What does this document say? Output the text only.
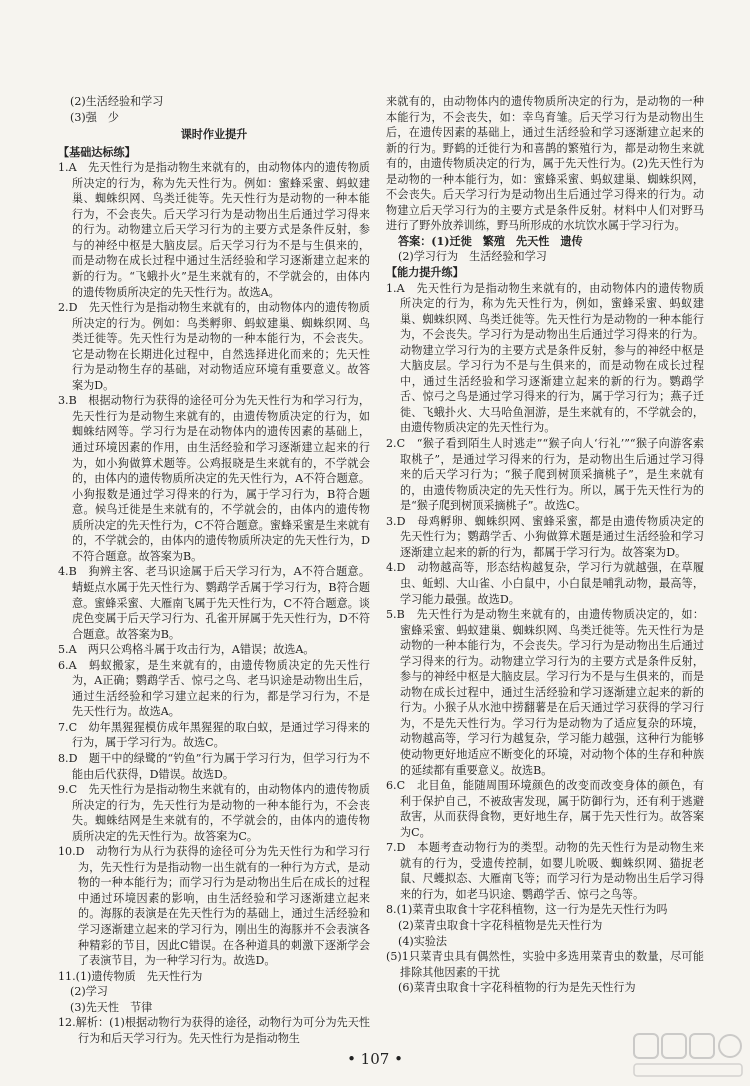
(2)生活经验和学习

(3)强　少

课时作业提升

【基础达标练】

1.A　先天性行为是指动物生来就有的，由动物体内的遗传物质所决定的行为，称为先天性行为。例如：蜜蜂采蜜、蚂蚁建巢、蜘蛛织网、鸟类迁徙等。先天性行为是动物的一种本能行为，不会丧失。后天学习行为是动物出生后通过学习得来的行为。动物建立后天学习行为的主要方式是条件反射，参与的神经中枢是大脑皮层。后天学习行为不是与生俱来的，而是动物在成长过程中通过生活经验和学习逐渐建立起来的新的行为。“飞蛾扑火”是生来就有的，不学就会的，由体内的遗传物质所决定的先天性行为。故选A。

2.D　先天性行为是指动物生来就有的，由动物体内的遗传物质所决定的行为。例如：鸟类孵卵、蚂蚁建巢、蜘蛛织网、鸟类迁徙等。先天性行为是动物的一种本能行为，不会丧失。它是动物在长期进化过程中，自然选择进化而来的；先天性行为是动物生存的基础，对动物适应环境有重要意义。故答案为D。

3.B　根据动物行为获得的途径可分为先天性行为和学习行为，先天性行为是动物生来就有的，由遗传物质决定的行为，如蜘蛛结网等。学习行为是在动物体内的遗传因素的基础上，通过环境因素的作用，由生活经验和学习逐渐建立起来的行为，如小狗做算术题等。公鸡报晓是生来就有的，不学就会的，由体内的遗传物质所决定的先天性行为，A不符合题意。小狗报数是通过学习得来的行为，属于学习行为，B符合题意。候鸟迁徙是生来就有的，不学就会的，由体内的遗传物质所决定的先天性行为，C不符合题意。蜜蜂采蜜是生来就有的，不学就会的，由体内的遗传物质所决定的先天性行为，D不符合题意。故答案为B。

4.B　狗辨主客、老马识途属于后天学习行为，A不符合题意。蜻蜓点水属于先天性行为、鹦鹉学舌属于学习行为，B符合题意。蜜蜂采蜜、大雁南飞属于先天性行为，C不符合题意。谈虎色变属于后天学习行为、孔雀开屏属于先天性行为，D不符合题意。故答案为B。

5.A　两只公鸡格斗属于攻击行为，A错误；故选A。

6.A　蚂蚁搬家，是生来就有的，由遗传物质决定的先天性行为，A正确；鹦鹉学舌、惊弓之鸟、老马识途是动物出生后，通过生活经验和学习建立起来的行为，都是学习行为，不是先天性行为。故选A。

7.C　幼年黑猩猩模仿成年黑猩猩的取白蚁，是通过学习得来的行为，属于学习行为。故选C。

8.D　题干中的绿鹭的“钓鱼”行为属于学习行为，但学习行为不能由后代获得，D错误。故选D。

9.C　先天性行为是指动物生来就有的，由动物体内的遗传物质所决定的行为，先天性行为是动物的一种本能行为，不会丧失。蜘蛛结网是生来就有的，不学就会的，由体内的遗传物质所决定的先天性行为。故答案为C。

10.D　动物行为从行为获得的途径可分为先天性行为和学习行为，先天性行为是指动物一出生就有的一种行为方式，是动物的一种本能行为；而学习行为是动物出生后在成长的过程中通过环境因素的影响，由生活经验和学习逐渐建立起来的。海豚的表演是在先天性行为的基础上，通过生活经验和学习逐渐建立起来的学习行为，刚出生的海豚并不会表演各种精彩的节目，因此C错误。在各种道具的刺激下逐渐学会了表演节目，为一种学习行为。故选D。

11.(1)遗传物质　先天性行为

(2)学习

(3)先天性　节律

12.解析：(1)根据动物行为获得的途径，动物行为可分为先天性行为和后天学习行为。先天性行为是指动物生

来就有的，由动物体内的遗传物质所决定的行为，是动物的一种本能行为，不会丧失，如：幸鸟育雏。后天学习行为是动物出生后，在遗传因素的基础上，通过生活经验和学习逐渐建立起来的新的行为。野鹤的迁徙行为和喜鹊的繁殖行为，都是动物生来就有的，由遗传物质决定的行为，属于先天性行为。(2)先天性行为是动物的一种本能行为，如：蜜蜂采蜜、蚂蚁建巢、蜘蛛织网，不会丧失。后天学习行为是动物出生后通过学习得来的行为。动物建立后天学习行为的主要方式是条件反射。材料中人们对野马进行了野外放养训练，野马所形成的水坑饮水属于学习行为。

答案：(1)迁徙　繁殖　先天性　遗传

(2)学习行为　生活经验和学习

【能力提升练】

1.A　先天性行为是指动物生来就有的，由动物体内的遗传物质所决定的行为，称为先天性行为，例如，蜜蜂采蜜、蚂蚁建巢、蜘蛛织网、鸟类迁徙等。先天性行为是动物的一种本能行为，不会丧失。学习行为是动物出生后通过学习得来的行为。动物建立学习行为的主要方式是条件反射，参与的神经中枢是大脑皮层。学习行为不是与生俱来的，而是动物在成长过程中，通过生活经验和学习逐渐建立起来的新的行为。鹦鹉学舌、惊弓之鸟是通过学习得来的行为，属于学习行为；燕子迁徙、飞蛾扑火、大马哈鱼洄游，是生来就有的，不学就会的，由遗传物质决定的先天性行为。

2.C　“猴子看到陌生人时逃走”“猴子向人‘行礼’”“猴子向游客索取桃子”，是通过学习得来的行为，是动物出生后通过学习得来的后天学习行为；“猴子爬到树顶采摘桃子”，是生来就有的，由遗传物质决定的先天性行为。所以，属于先天性行为的是“猴子爬到树顶采摘桃子”。故选C。

3.D　母鸡孵卵、蜘蛛织网、蜜蜂采蜜，都是由遗传物质决定的先天性行为；鹦鹉学舌、小狗做算术题是通过生活经验和学习逐渐建立起来的新的行为，都属于学习行为。故答案为D。

4.D　动物越高等，形态结构越复杂，学习行为就越强，在草履虫、蚯蚓、大山雀、小白鼠中，小白鼠是哺乳动物，最高等，学习能力最强。故选D。

5.B　先天性行为是动物生来就有的，由遗传物质决定的，如：蜜蜂采蜜、蚂蚁建巢、蜘蛛织网、鸟类迁徙等。先天性行为是动物的一种本能行为，不会丧失。学习行为是动物出生后通过学习得来的行为。动物建立学习行为的主要方式是条件反射，参与的神经中枢是大脑皮层。学习行为不是与生俱来的，而是动物在成长过程中，通过生活经验和学习逐渐建立起来的新的行为。小猴子从水池中捞翻薯是在后天通过学习获得的学习行为，不是先天性行为。学习行为是动物为了适应复杂的环境，动物越高等，学习行为越复杂，学习能力越强，这种行为能够使动物更好地适应不断变化的环境，对动物个体的生存和种族的延续都有重要意义。故选B。

6.C　北目鱼，能随周围环境颜色的改变而改变身体的颜色，有利于保护自己，不被敌害发现，属于防御行为，还有利于逃避敌害，从而获得食物，更好地生存，属于先天性行为。故答案为C。

7.D　本题考查动物行为的类型。动物的先天性行为是动物生来就有的行为，受遗传控制，如婴儿吮吸、蜘蛛织网、猫捉老鼠、尺蠖拟态、大雁南飞等；而学习行为是动物出生后学习得来的行为，如老马识途、鹦鹉学舌、惊弓之鸟等。

8.(1)菜青虫取食十字花科植物，这一行为是先天性行为吗

(2)菜青虫取食十字花科植物是先天性行为

(4)实验法

(5)1只菜青虫具有偶然性，实验中多选用菜青虫的数量，尽可能排除其他因素的干扰

(6)菜青虫取食十字花科植物的行为是先天性行为

• 107 •
